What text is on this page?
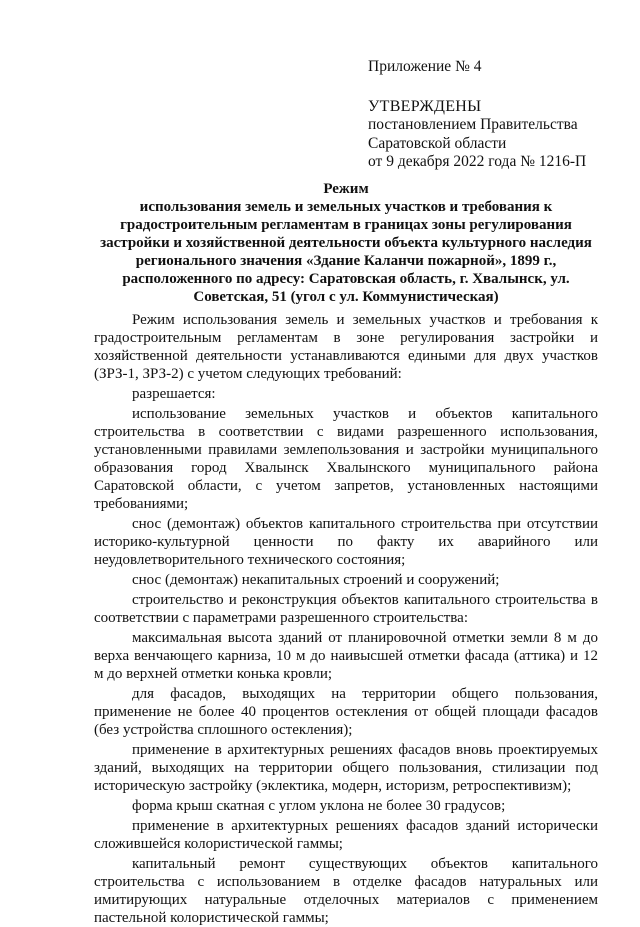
Приложение № 4
УТВЕРЖДЕНЫ
постановлением Правительства
Саратовской области
от 9 декабря 2022 года № 1216-П
Режим
использования земель и земельных участков и требования к градостроительным регламентам в границах зоны регулирования застройки и хозяйственной деятельности объекта культурного наследия регионального значения «Здание Каланчи пожарной», 1899 г., расположенного по адресу: Саратовская область, г. Хвалынск, ул. Советская, 51 (угол с ул. Коммунистическая)

Режим использования земель и земельных участков и требования к градостроительным регламентам в зоне регулирования застройки и хозяйственной деятельности устанавливаются едиными для двух участков (ЗРЗ-1, ЗРЗ-2) с учетом следующих требований:

разрешается:

использование земельных участков и объектов капитального строительства в соответствии с видами разрешенного использования, установленными правилами землепользования и застройки муниципального образования город Хвалынск Хвалынского муниципального района Саратовской области, с учетом запретов, установленных настоящими требованиями;

снос (демонтаж) объектов капитального строительства при отсутствии историко-культурной ценности по факту их аварийного или неудовлетворительного технического состояния;

снос (демонтаж) некапитальных строений и сооружений;

строительство и реконструкция объектов капитального строительства в соответствии с параметрами разрешенного строительства:

максимальная высота зданий от планировочной отметки земли 8 м до верха венчающего карниза, 10 м до наивысшей отметки фасада (аттика) и 12 м до верхней отметки конька кровли;

для фасадов, выходящих на территории общего пользования, применение не более 40 процентов остекления от общей площади фасадов (без устройства сплошного остекления);

применение в архитектурных решениях фасадов вновь проектируемых зданий, выходящих на территории общего пользования, стилизации под историческую застройку (эклектика, модерн, историзм, ретроспективизм);

форма крыш скатная с углом уклона не более 30 градусов;

применение в архитектурных решениях фасадов зданий исторически сложившейся колористической гаммы;

капитальный ремонт существующих объектов капитального строительства с использованием в отделке фасадов натуральных или имитирующих натуральные отделочных материалов с применением пастельной колористической гаммы;
